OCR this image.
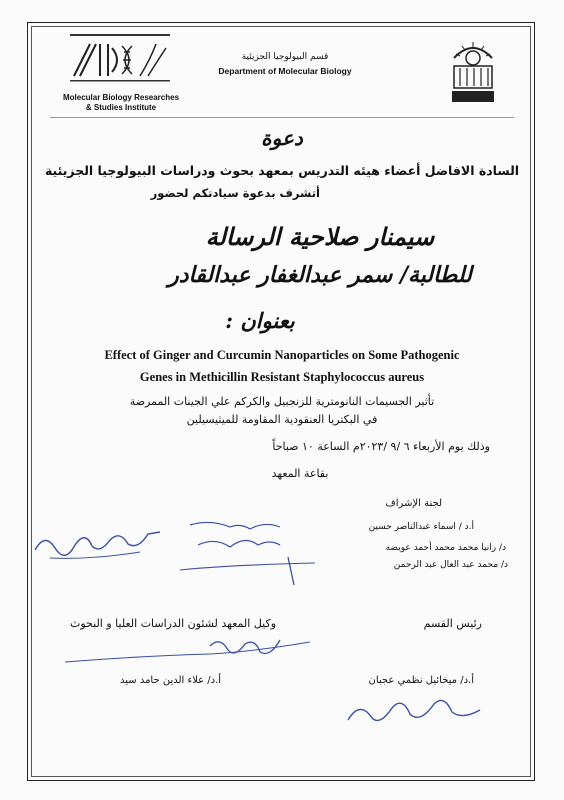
Molecular Biology Researches
& Studies Institute
قسم البيولوجيا الجزيئية
Department of Molecular Biology
دعوة
السادة الافاضل أعضاء هيئه التدريس بمعهد بحوث ودراسات البيولوجيا الجزيئية
أتشرف بدعوة سيادتكم لحضور
سيمنار صلاحية الرسالة
للطالبة/ سمر عبدالغفار عبدالقادر
بعنوان :
Effect of Ginger and Curcumin Nanoparticles on Some Pathogenic
Genes in Methicillin Resistant Staphylococcus aureus
تأثير الجسيمات النانومترية للزنجبيل والكركم علي الجينات الممرضة
في البكتريا العنقودية المقاومة للميثيسيلين
وذلك يوم الأربعاء ٦ /٩ /٢٠٢٣م الساعة ١٠ صباحاً
بقاعة المعهد
لجنة الإشراف
أ.د / اسماء عبدالناصر حسين
د/ رانيا محمد محمد أحمد عويضه
د/ محمد عبد العال عبد الرحمن
رئيس القسم
وكيل المعهد لشئون الدراسات العليا و البحوث
أ.د/ ميخائيل نظمي عجبان
أ.د/ علاء الدين حامد سيد
